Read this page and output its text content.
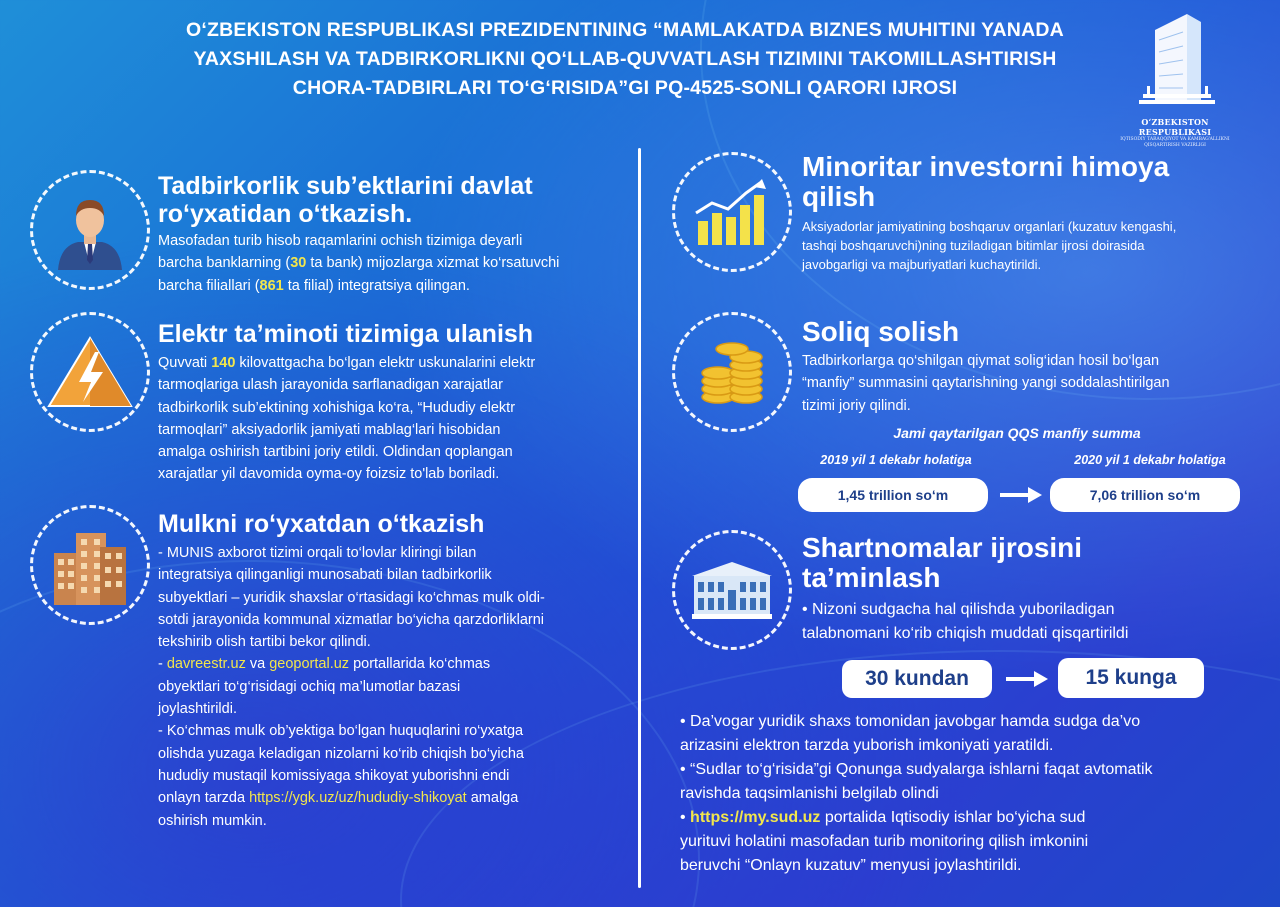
O‘ZBEKISTON RESPUBLIKASI PREZIDENTINING “MAMLAKATDA BIZNES MUHITINI YANADA
YAXSHILASH VA TADBIRKORLIKNI QO‘LLAB-QUVVATLASH TIZIMINI TAKOMILLASHTIRISH
CHORA-TADBIRLARI TO‘G‘RISIDA”GI PQ-4525-SONLI QARORI IJROSI
O‘ZBEKISTON RESPUBLIKASI
IQTISODIY TARAQQIYOT VA KAMBAG‘ALLIKNI
QISQARTIRISH VAZIRLIGI
Tadbirkorlik sub’ektlarini davlat
ro‘yxatidan o‘tkazish.
Masofadan turib hisob raqamlarini ochish tizimiga deyarli
barcha banklarning (30 ta bank) mijozlarga xizmat ko‘rsatuvchi
barcha filiallari (861 ta filial) integratsiya qilingan.
Elektr ta’minoti tizimiga ulanish
Quvvati 140 kilovattgacha bo‘lgan elektr uskunalarini elektr
tarmoqlariga ulash jarayonida sarflanadigan xarajatlar
tadbirkorlik sub’ektining xohishiga ko‘ra, “Hududiy elektr
tarmoqlari” aksiyadorlik jamiyati mablag‘lari hisobidan
amalga oshirish tartibini joriy etildi. Oldindan qoplangan
xarajatlar yil davomida oyma-oy foizsiz to'lab boriladi.
Mulkni ro‘yxatdan o‘tkazish
- MUNIS axborot tizimi orqali to‘lovlar kliringi bilan
integratsiya qilinganligi munosabati bilan tadbirkorlik
subyektlari – yuridik shaxslar o‘rtasidagi ko‘chmas mulk oldi-
sotdi jarayonida kommunal xizmatlar bo‘yicha qarzdorliklarni
tekshirib olish tartibi bekor qilindi.
- davreestr.uz va geoportal.uz portallarida ko‘chmas
obyektlari to‘g‘risidagi ochiq ma’lumotlar bazasi
joylashtirildi.
- Ko‘chmas mulk ob’yektiga bo‘lgan huquqlarini ro‘yxatga
olishda yuzaga keladigan nizolarni ko‘rib chiqish bo‘yicha
hududiy mustaqil komissiyaga shikoyat yuborishni endi
onlayn tarzda https://ygk.uz/uz/hududiy-shikoyat amalga
oshirish mumkin.
Minoritar investorni himoya
qilish
Aksiyadorlar jamiyatining boshqaruv organlari (kuzatuv kengashi,
tashqi boshqaruvchi)ning tuziladigan bitimlar ijrosi doirasida
javobgarligi va majburiyatlari kuchaytirildi.
Soliq solish
Tadbirkorlarga qo‘shilgan qiymat solig‘idan hosil bo‘lgan
“manfiy” summasini qaytarishning yangi soddalashtirilgan
tizimi joriy qilindi.
Jami qaytarilgan QQS manfiy summa
2019 yil 1 dekabr holatiga	2020 yil 1 dekabr holatiga
1,45 trillion so‘m	7,06 trillion so‘m
Shartnomalar ijrosini
ta’minlash
• Nizoni sudgacha hal qilishda yuboriladigan
talabnomani ko‘rib chiqish muddati qisqartirildi
30 kundan	15 kunga
• Da’vogar yuridik shaxs tomonidan javobgar hamda sudga da’vo
arizasini elektron tarzda yuborish imkoniyati yaratildi.
• “Sudlar to‘g‘risida”gi Qonunga sudyalarga ishlarni faqat avtomatik
ravishda taqsimlanishi belgilab olindi
• https://my.sud.uz portalida Iqtisodiy ishlar bo‘yicha sud
yurituvi holatini masofadan turib monitoring qilish imkonini
beruvchi “Onlayn kuzatuv” menyusi joylashtirildi.
